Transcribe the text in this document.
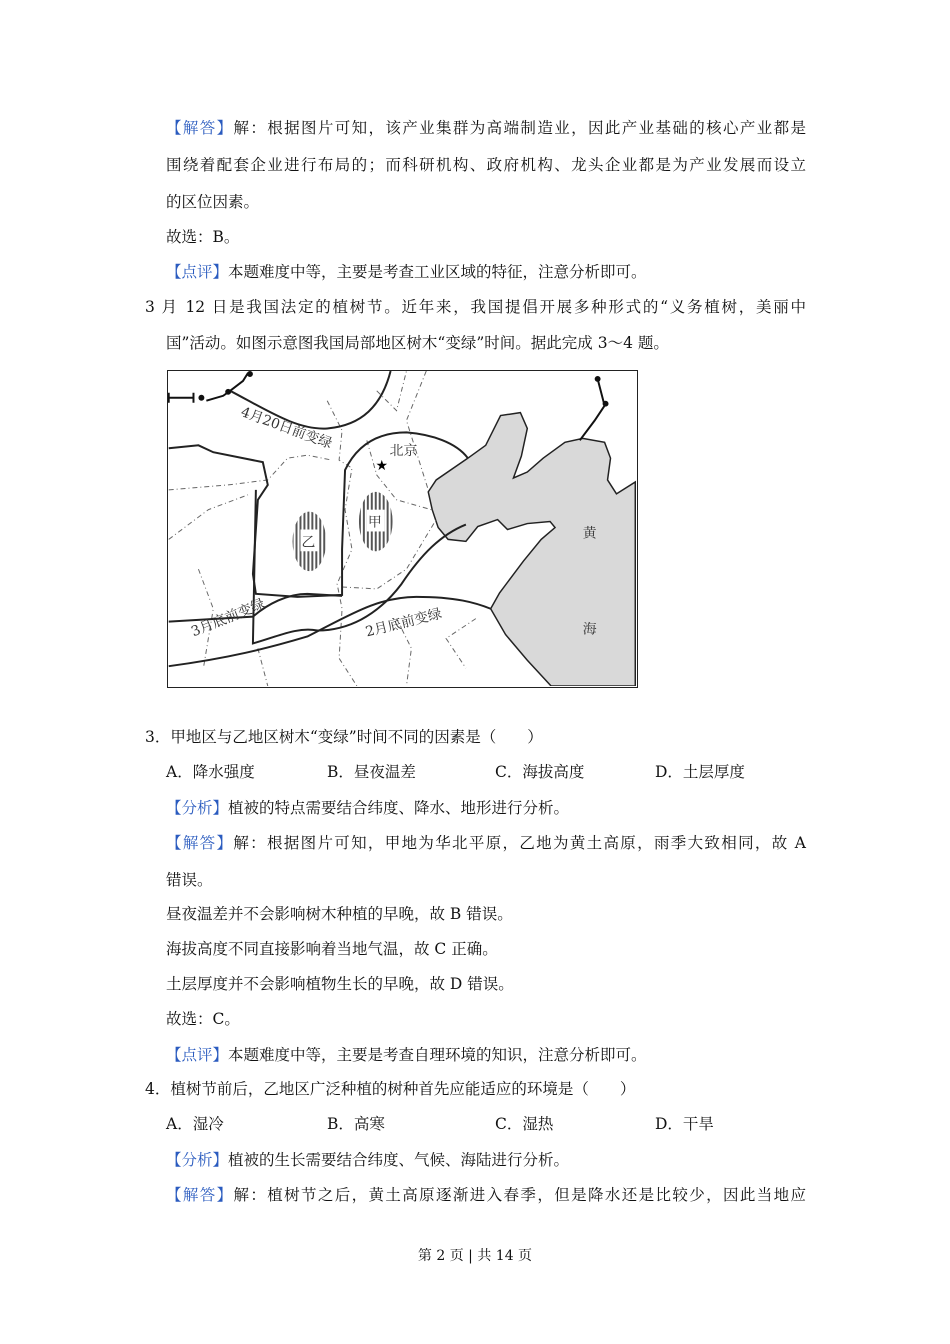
【解答】解：根据图片可知，该产业集群为高端制造业，因此产业基础的核心产业都是
围绕着配套企业进行布局的；而科研机构、政府机构、龙头企业都是为产业发展而设立
的区位因素。
故选：B。
【点评】本题难度中等，主要是考查工业区域的特征，注意分析即可。
3 月 12 日是我国法定的植树节。近年来，我国提倡开展多种形式的“义务植树，美丽中
国”活动。如图示意图我国局部地区树木“变绿”时间。据此完成 3～4 题。
乙
甲
★
北京
4月20日前变绿
3月底前变绿	2月底前变绿
黄
海
3．甲地区与乙地区树木“变绿”时间不同的因素是（　　）
A．降水强度	B．昼夜温差	C．海拔高度	D．土层厚度
【分析】植被的特点需要结合纬度、降水、地形进行分析。
【解答】解：根据图片可知，甲地为华北平原，乙地为黄土高原，雨季大致相同，故 A
错误。
昼夜温差并不会影响树木种植的早晚，故 B 错误。
海拔高度不同直接影响着当地气温，故 C 正确。
土层厚度并不会影响植物生长的早晚，故 D 错误。
故选：C。
【点评】本题难度中等，主要是考查自理环境的知识，注意分析即可。
4．植树节前后，乙地区广泛种植的树种首先应能适应的环境是（　　）
A．湿冷	B．高寒	C．湿热	D．干旱
【分析】植被的生长需要结合纬度、气候、海陆进行分析。
【解答】解：植树节之后，黄土高原逐渐进入春季，但是降水还是比较少，因此当地应
第 2 页 | 共 14 页
